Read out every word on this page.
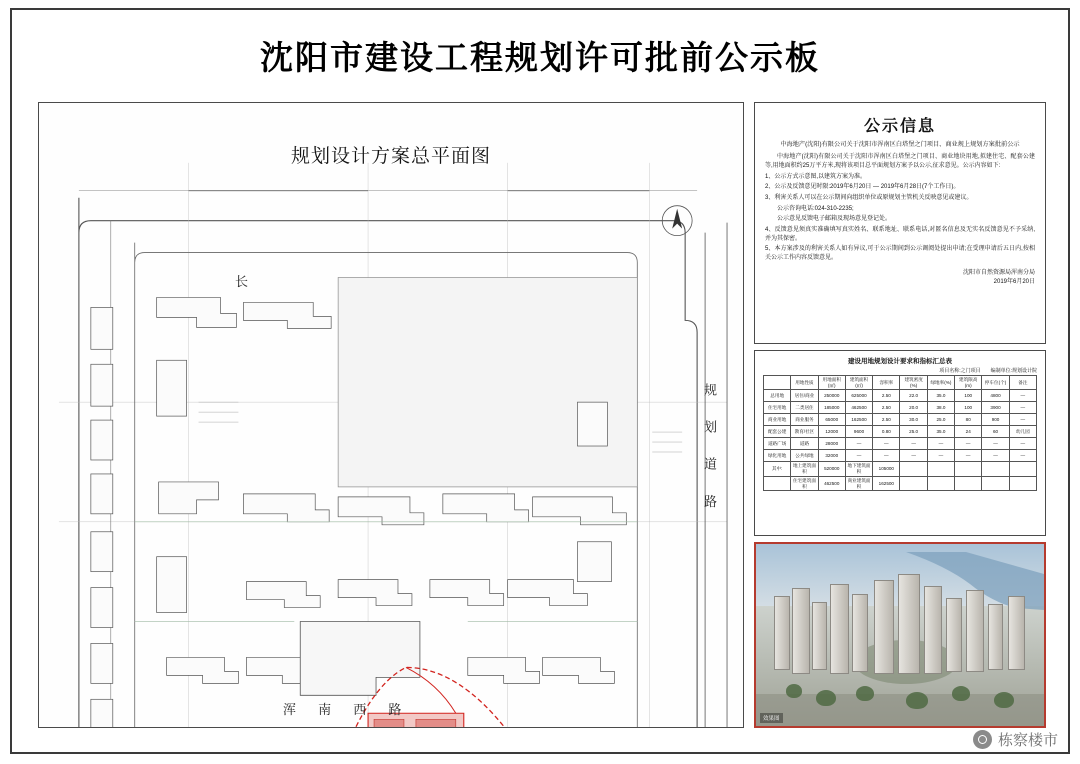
沈阳市建设工程规划许可批前公示板
规划设计方案总平面图
长
规 划 道 路
浑 南 西 路
公示信息
中海地产(沈阳)有限公司关于沈阳市浑南区白塔堡之门项目、商业规上规划方案批前公示

中海地产(沈阳)有限公司关于沈阳市浑南区白塔堡之门项目、商业地块用地,拟建住宅、配套公建等,用地面积约25万平方米,现将该项目总平面规划方案予以公示,征求意见。公示内容如下:

1、公示方式示意图,以建筑方案为准。

2、公示及反馈意见时限:2019年6月20日 — 2019年6月28日(7个工作日)。

3、利害关系人可以在公示期间向组织单位或原规划主管机关反映意见或建议。

公示咨询电话:024-310-2235;

公示意见反馈电子邮箱及现场意见登记处。

4、反馈意见须真实准确填写真实姓名、联系地址、联系电话,对匿名信息及无实名反馈意见不予采纳,并为其保密。

5、本方案涉及的利害关系人如有异议,可于公示期间到公示调阅处提出申请;在受理申请后五日内,按相关公示工作内容反馈意见。

沈阳市自然资源局浑南分局
2019年6月20日
建设用地规划设计要求和指标汇总表
项目名称:之门项目 编制单位:规划设计院
	用地性质	用地面积(㎡)	建筑面积(㎡)	容积率	建筑密度(%)	绿地率(%)	建筑限高(m)	停车位(个)	备注
总用地	居住/商业	250000	625000	2.50	22.0	35.0	100	4800	—
住宅用地	二类居住	185000	462500	2.50	20.0	38.0	100	3900	—
商业用地	商业服务	65000	162500	2.50	30.0	25.0	80	900	—
配套公建	教育/社区	12000	9600	0.80	25.0	35.0	24	60	幼儿园
道路广场	道路	28000	—	—	—	—	—	—	—
绿化用地	公共绿地	32000	—	—	—	—	—	—	—
其中:	地上建筑面积	520000	地下建筑面积	105000					
	住宅建筑面积	462500	商业建筑面积	162500					
效果图
栋察楼市
